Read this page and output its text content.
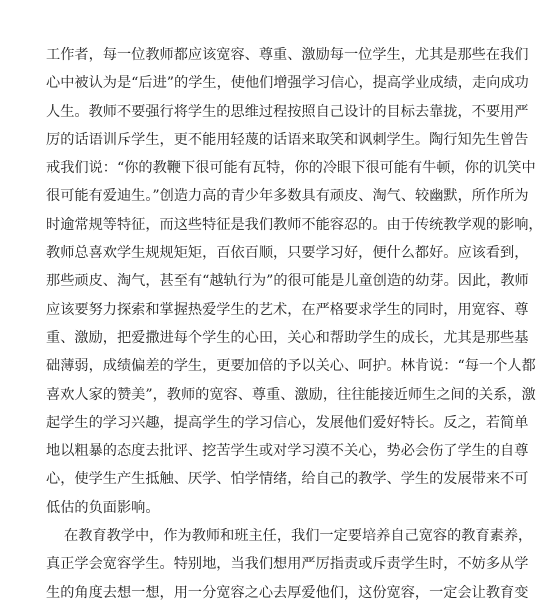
工作者，每一位教师都应该宽容、尊重、激励每一位学生，尤其是那些在我们
心中被认为是“后进”的学生，使他们增强学习信心，提高学业成绩，走向成功
人生。教师不要强行将学生的思维过程按照自己设计的目标去靠拢，不要用严
厉的话语训斥学生，更不能用轻蔑的话语来取笑和讽刺学生。陶行知先生曾告
戒我们说：“你的教鞭下很可能有瓦特，你的冷眼下很可能有牛顿，你的讥笑中
很可能有爱迪生。”创造力高的青少年多数具有顽皮、淘气、较幽默，所作所为
时逾常规等特征，而这些特征是我们教师不能容忍的。由于传统教学观的影响，
教师总喜欢学生规规矩矩，百依百顺，只要学习好，便什么都好。应该看到，
那些顽皮、淘气，甚至有“越轨行为”的很可能是儿童创造的幼芽。因此，教师
应该要努力探索和掌握热爱学生的艺术，在严格要求学生的同时，用宽容、尊
重、激励，把爱撒进每个学生的心田，关心和帮助学生的成长，尤其是那些基
础薄弱，成绩偏差的学生，更要加倍的予以关心、呵护。林肯说：“每一个人都
喜欢人家的赞美”，教师的宽容、尊重、激励，往往能接近师生之间的关系，激
起学生的学习兴趣，提高学生的学习信心，发展他们爱好特长。反之，若简单
地以粗暴的态度去批评、挖苦学生或对学习漠不关心，势必会伤了学生的自尊
心，使学生产生抵触、厌学、怕学情绪，给自己的教学、学生的发展带来不可
低估的负面影响。
在教育教学中，作为教师和班主任，我们一定要培养自己宽容的教育素养，
真正学会宽容学生。特别地，当我们想用严厉指责或斥责学生时，不妨多从学
生的角度去想一想，用一分宽容之心去厚爱他们，这份宽容，一定会让教育变
